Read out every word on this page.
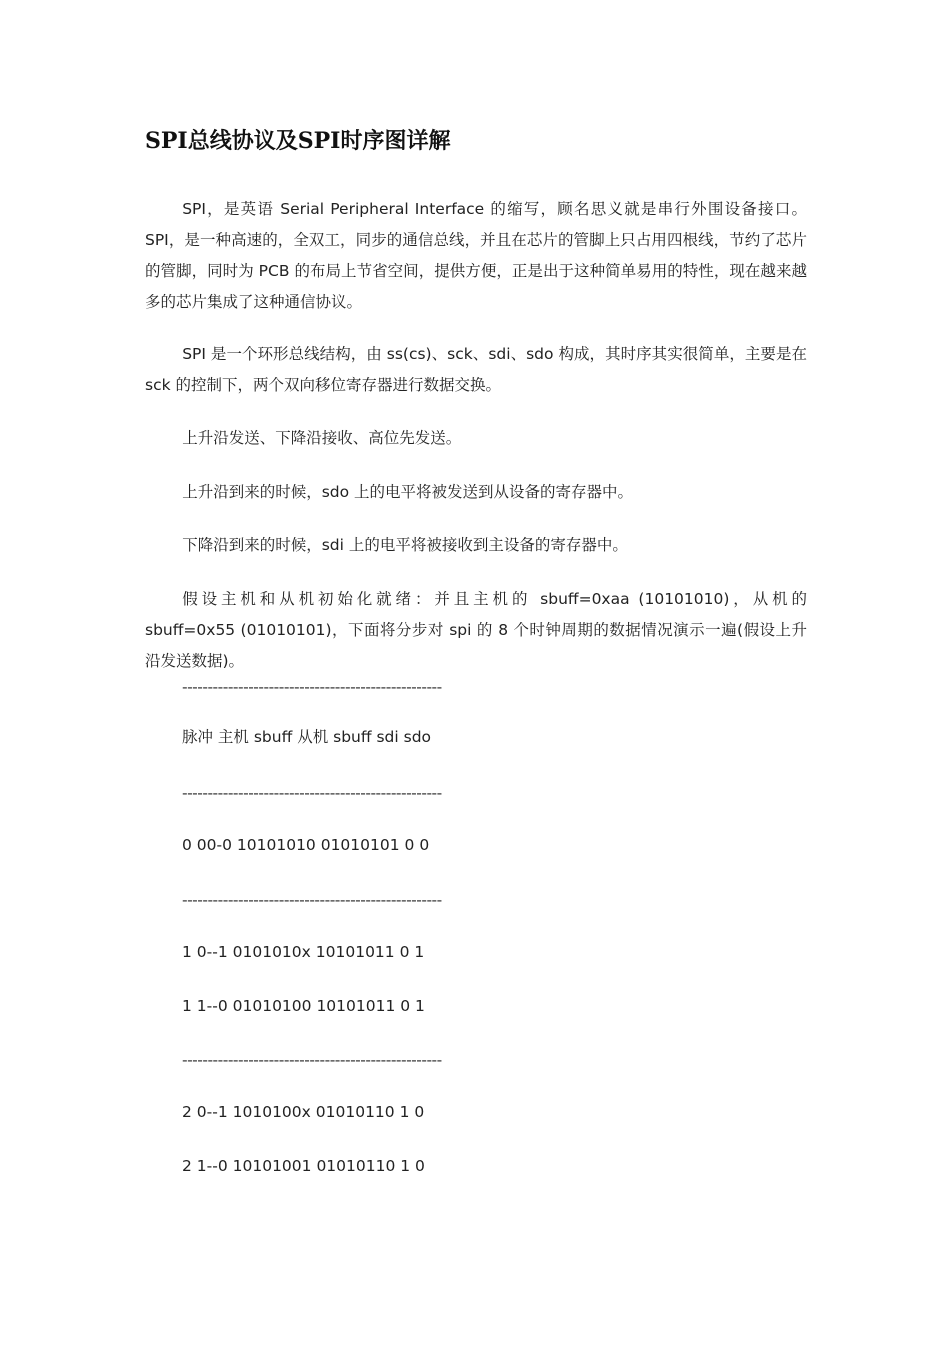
SPI总线协议及SPI时序图详解

SPI，是英语 Serial Peripheral Interface 的缩写，顾名思义就是串行外围设备接口。SPI，是一种高速的，全双工，同步的通信总线，并且在芯片的管脚上只占用四根线，节约了芯片的管脚，同时为 PCB 的布局上节省空间，提供方便，正是出于这种简单易用的特性，现在越来越多的芯片集成了这种通信协议。

SPI 是一个环形总线结构，由 ss(cs)、sck、sdi、sdo 构成，其时序其实很简单，主要是在 sck 的控制下，两个双向移位寄存器进行数据交换。

上升沿发送、下降沿接收、高位先发送。

上升沿到来的时候，sdo 上的电平将被发送到从设备的寄存器中。

下降沿到来的时候，sdi 上的电平将被接收到主设备的寄存器中。

假设主机和从机初始化就绪：并且主机的 sbuff=0xaa (10101010)，从机的 sbuff=0x55 (01010101)，下面将分步对 spi 的 8 个时钟周期的数据情况演示一遍(假设上升沿发送数据)。

---------------------------------------------------
脉冲 主机 sbuff 从机 sbuff sdi sdo
---------------------------------------------------
0 00-0 10101010 01010101 0 0
---------------------------------------------------
1 0--1 0101010x 10101011 0 1
1 1--0 01010100 10101011 0 1
---------------------------------------------------
2 0--1 1010100x 01010110 1 0
2 1--0 10101001 01010110 1 0
